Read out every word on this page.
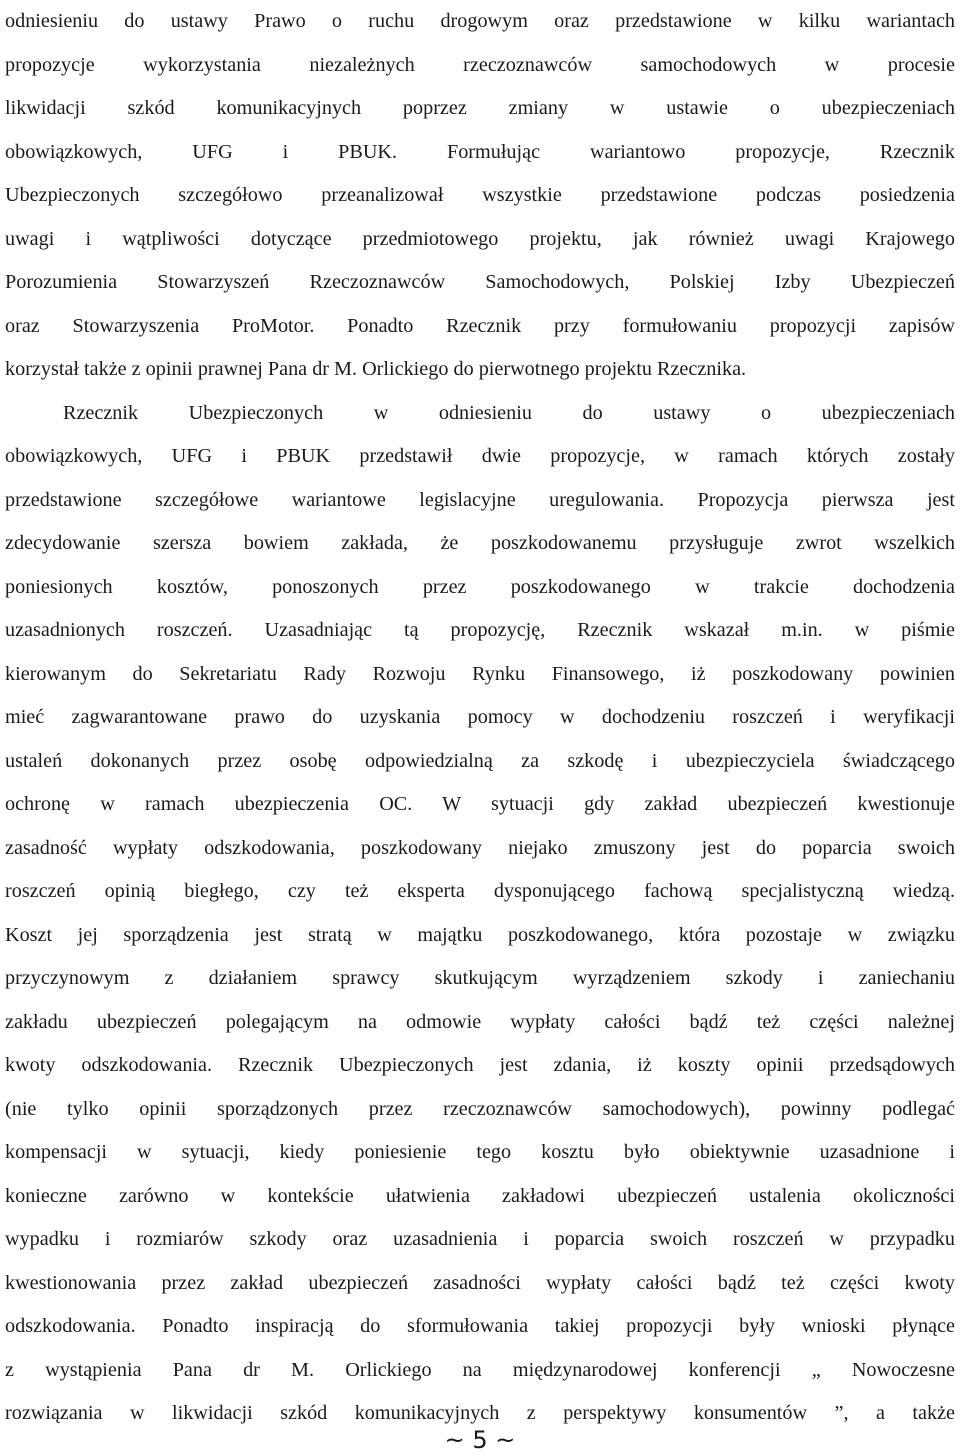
odniesieniu do ustawy Prawo o ruchu drogowym oraz przedstawione w kilku wariantach
propozycje wykorzystania niezależnych rzeczoznawców samochodowych w procesie
likwidacji szkód komunikacyjnych poprzez zmiany w ustawie o ubezpieczeniach
obowiązkowych, UFG i PBUK. Formułując wariantowo propozycje, Rzecznik
Ubezpieczonych szczegółowo przeanalizował wszystkie przedstawione podczas posiedzenia
uwagi i wątpliwości dotyczące przedmiotowego projektu, jak również uwagi Krajowego
Porozumienia Stowarzyszeń Rzeczoznawców Samochodowych, Polskiej Izby Ubezpieczeń
oraz Stowarzyszenia ProMotor. Ponadto Rzecznik przy formułowaniu propozycji zapisów
korzystał także z opinii prawnej Pana dr M. Orlickiego do pierwotnego projektu Rzecznika.
Rzecznik Ubezpieczonych w odniesieniu do ustawy o ubezpieczeniach
obowiązkowych, UFG i PBUK przedstawił dwie propozycje, w ramach których zostały
przedstawione szczegółowe wariantowe legislacyjne uregulowania. Propozycja pierwsza jest
zdecydowanie szersza bowiem zakłada, że poszkodowanemu przysługuje zwrot wszelkich
poniesionych kosztów, ponoszonych przez poszkodowanego w trakcie dochodzenia
uzasadnionych roszczeń. Uzasadniając tą propozycję, Rzecznik wskazał m.in. w piśmie
kierowanym do Sekretariatu Rady Rozwoju Rynku Finansowego, iż poszkodowany powinien
mieć zagwarantowane prawo do uzyskania pomocy w dochodzeniu roszczeń i weryfikacji
ustaleń dokonanych przez osobę odpowiedzialną za szkodę i ubezpieczyciela świadczącego
ochronę w ramach ubezpieczenia OC. W sytuacji gdy zakład ubezpieczeń kwestionuje
zasadność wypłaty odszkodowania, poszkodowany niejako zmuszony jest do poparcia swoich
roszczeń opinią biegłego, czy też eksperta dysponującego fachową specjalistyczną wiedzą.
Koszt jej sporządzenia jest stratą w majątku poszkodowanego, która pozostaje w związku
przyczynowym z działaniem sprawcy skutkującym wyrządzeniem szkody i zaniechaniu
zakładu ubezpieczeń polegającym na odmowie wypłaty całości bądź też części należnej
kwoty odszkodowania. Rzecznik Ubezpieczonych jest zdania, iż koszty opinii przedsądowych
(nie tylko opinii sporządzonych przez rzeczoznawców samochodowych), powinny podlegać
kompensacji w sytuacji, kiedy poniesienie tego kosztu było obiektywnie uzasadnione i
konieczne zarówno w kontekście ułatwienia zakładowi ubezpieczeń ustalenia okoliczności
wypadku i rozmiarów szkody oraz uzasadnienia i poparcia swoich roszczeń w przypadku
kwestionowania przez zakład ubezpieczeń zasadności wypłaty całości bądź też części kwoty
odszkodowania. Ponadto inspiracją do sformułowania takiej propozycji były wnioski płynące
z wystąpienia Pana dr M. Orlickiego na międzynarodowej konferencji „ Nowoczesne
rozwiązania w likwidacji szkód komunikacyjnych z perspektywy konsumentów ”, a także
~ 5 ~
